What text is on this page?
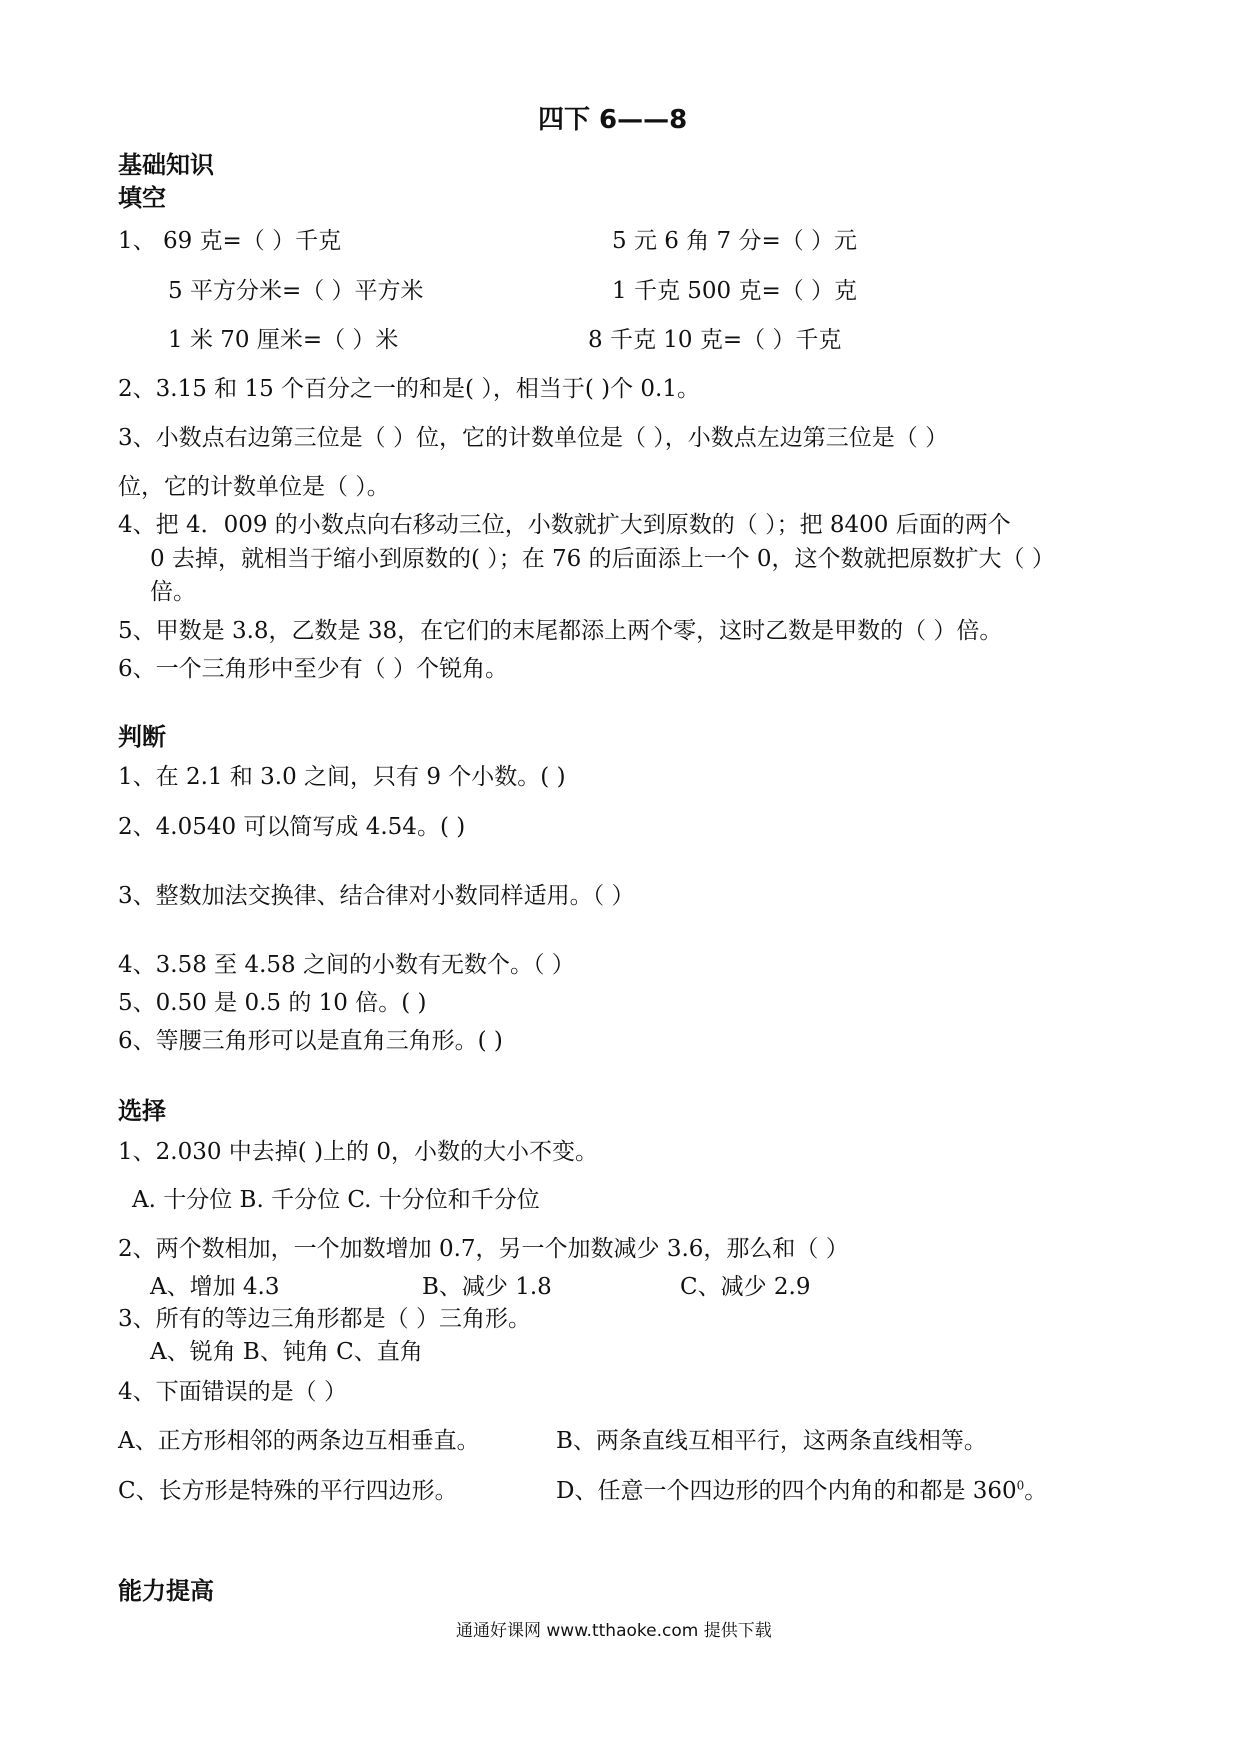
四下 6——8
基础知识
填空
1、 69 克=（ ）千克	5 元 6 角 7 分=（ ）元
5 平方分米=（ ）平方米	1 千克 500 克=（ ）克
1 米 70 厘米=（ ）米	8 千克 10 克=（ ）千克
2、3.15 和 15 个百分之一的和是( ），相当于( )个 0.1。
3、小数点右边第三位是（ ）位，它的计数单位是（ ），小数点左边第三位是（ ）
位，它的计数单位是（ ）。
4、把 4．009 的小数点向右移动三位，小数就扩大到原数的（ ）；把 8400 后面的两个
0 去掉，就相当于缩小到原数的( ）；在 76 的后面添上一个 0，这个数就把原数扩大（ ）
倍。
5、甲数是 3.8，乙数是 38，在它们的末尾都添上两个零，这时乙数是甲数的（ ）倍。
6、一个三角形中至少有（ ）个锐角。
判断
1、在 2.1 和 3.0 之间，只有 9 个小数。( )
2、4.0540 可以简写成 4.54。( )
3、整数加法交换律、结合律对小数同样适用。（ ）
4、3.58 至 4.58 之间的小数有无数个。（ ）
5、0.50 是 0.5 的 10 倍。( )
6、等腰三角形可以是直角三角形。( )
选择
1、2.030 中去掉( )上的 0，小数的大小不变。
A. 十分位 B. 千分位 C. 十分位和千分位
2、两个数相加，一个加数增加 0.7，另一个加数减少 3.6，那么和（ ）
A、增加 4.3	B、减少 1.8	C、减少 2.9
3、所有的等边三角形都是（ ）三角形。
A、锐角 B、钝角 C、直角
4、下面错误的是（ ）
A、正方形相邻的两条边互相垂直。	B、两条直线互相平行，这两条直线相等。
C、长方形是特殊的平行四边形。	D、任意一个四边形的四个内角的和都是 $360^0$。
能力提高
通通好课网 www.tthaoke.com 提供下载
